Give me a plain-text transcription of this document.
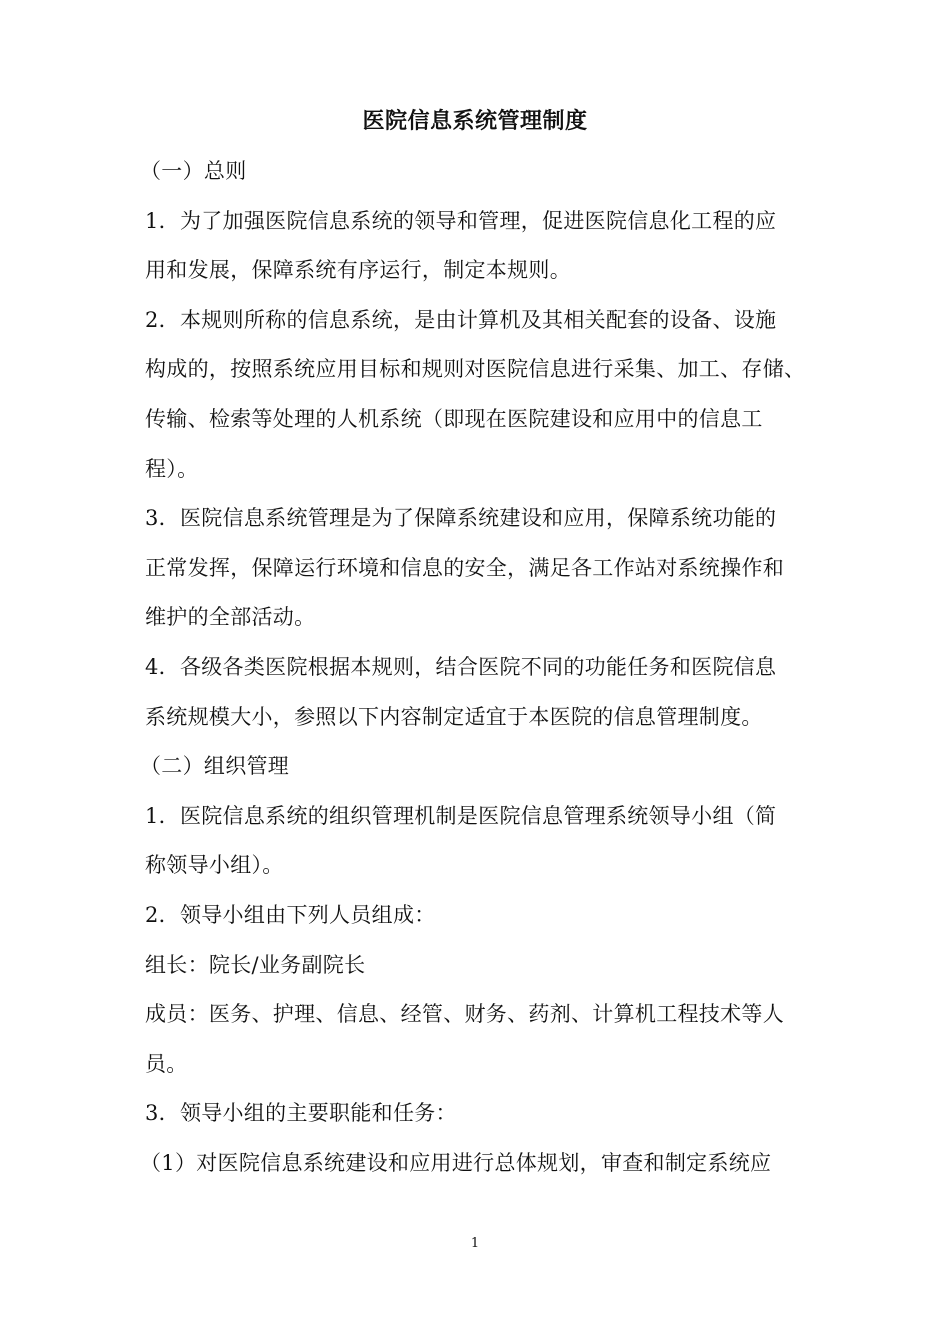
医院信息系统管理制度
（一）总则
1．为了加强医院信息系统的领导和管理，促进医院信息化工程的应
用和发展，保障系统有序运行，制定本规则。
2．本规则所称的信息系统，是由计算机及其相关配套的设备、设施
构成的，按照系统应用目标和规则对医院信息进行采集、加工、存储、
传输、检索等处理的人机系统（即现在医院建设和应用中的信息工
程）。
3．医院信息系统管理是为了保障系统建设和应用，保障系统功能的
正常发挥，保障运行环境和信息的安全，满足各工作站对系统操作和
维护的全部活动。
4．各级各类医院根据本规则，结合医院不同的功能任务和医院信息
系统规模大小，参照以下内容制定适宜于本医院的信息管理制度。
（二）组织管理
1．医院信息系统的组织管理机制是医院信息管理系统领导小组（简
称领导小组）。
2．领导小组由下列人员组成：
组长：院长/业务副院长
成员：医务、护理、信息、经管、财务、药剂、计算机工程技术等人
员。
3．领导小组的主要职能和任务：
（1）对医院信息系统建设和应用进行总体规划，审查和制定系统应
1
